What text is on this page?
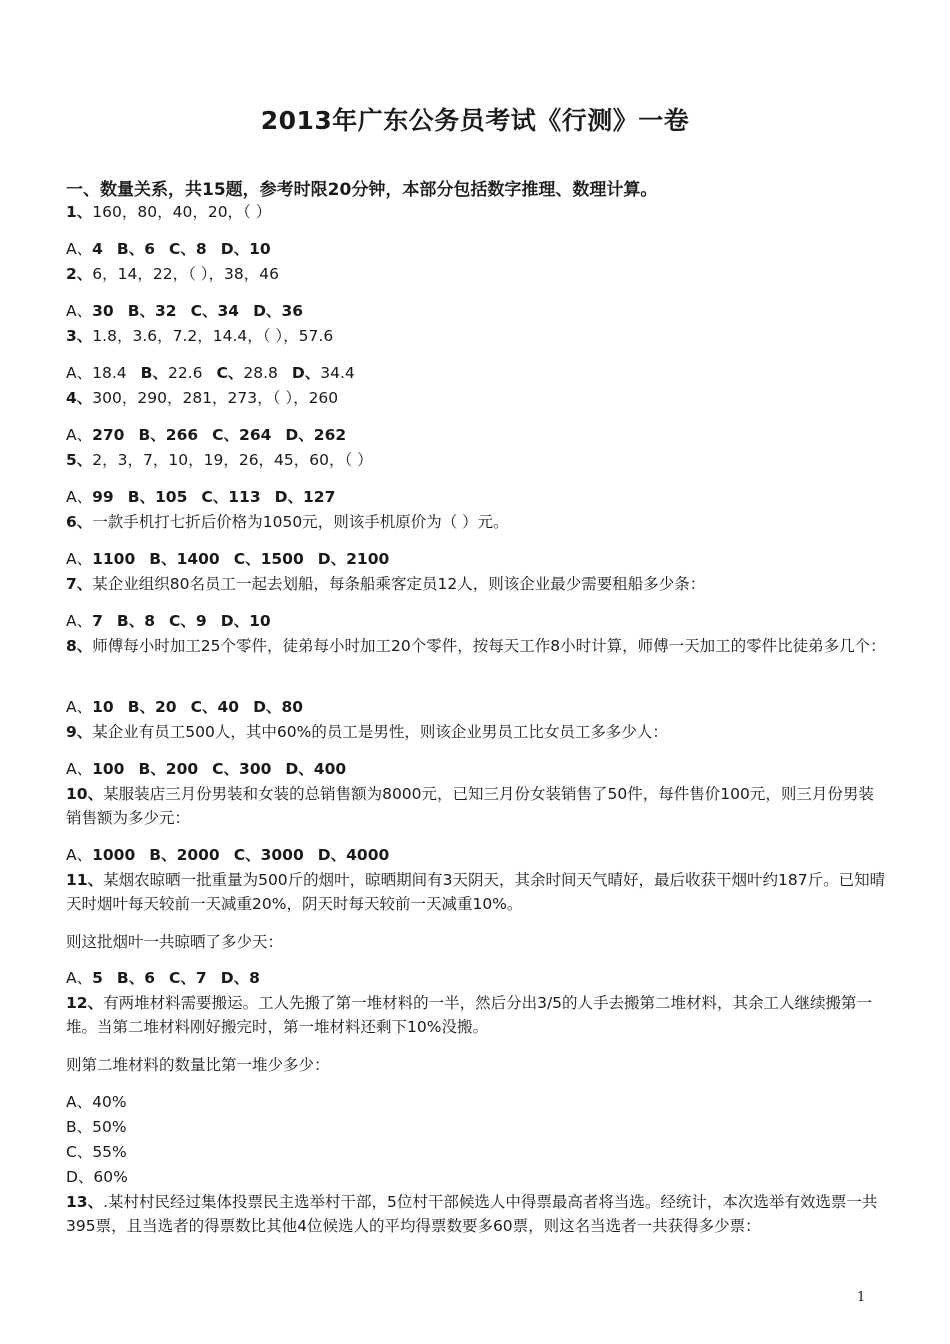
2013年广东公务员考试《行测》一卷
一、数量关系，共15题，参考时限20分钟，本部分包括数字推理、数理计算。
1、160，80，40，20，（ ）
A、4 B、6 C、8 D、10
2、6，14，22，（ ），38，46
A、30 B、32 C、34 D、36
3、1.8，3.6，7.2，14.4，（ ），57.6
A、18.4 B、22.6 C、28.8 D、34.4
4、300，290，281，273，（ ），260
A、270 B、266 C、264 D、262
5、2，3，7，10，19，26，45，60，（ ）
A、99 B、105 C、113 D、127
6、一款手机打七折后价格为1050元，则该手机原价为（ ）元。
A、1100 B、1400 C、1500 D、2100
7、某企业组织80名员工一起去划船，每条船乘客定员12人，则该企业最少需要租船多少条：
A、7 B、8 C、9 D、10
8、师傅每小时加工25个零件，徒弟每小时加工20个零件，按每天工作8小时计算，师傅一天加工的零件比徒弟多几个：
A、10 B、20 C、40 D、80
9、某企业有员工500人，其中60%的员工是男性，则该企业男员工比女员工多多少人：
A、100 B、200 C、300 D、400
10、某服装店三月份男装和女装的总销售额为8000元，已知三月份女装销售了50件，每件售价100元，则三月份男装销售额为多少元：
A、1000 B、2000 C、3000 D、4000
11、某烟农晾晒一批重量为500斤的烟叶，晾晒期间有3天阴天，其余时间天气晴好，最后收获干烟叶约187斤。已知晴天时烟叶每天较前一天减重20%，阴天时每天较前一天减重10%。
则这批烟叶一共晾晒了多少天：
A、5 B、6 C、7 D、8
12、有两堆材料需要搬运。工人先搬了第一堆材料的一半，然后分出3/5的人手去搬第二堆材料，其余工人继续搬第一堆。当第二堆材料刚好搬完时，第一堆材料还剩下10%没搬。
则第二堆材料的数量比第一堆少多少：
A、40%
B、50%
C、55%
D、60%
13、.某村村民经过集体投票民主选举村干部，5位村干部候选人中得票最高者将当选。经统计，本次选举有效选票一共395票，且当选者的得票数比其他4位候选人的平均得票数要多60票，则这名当选者一共获得多少票：
1
